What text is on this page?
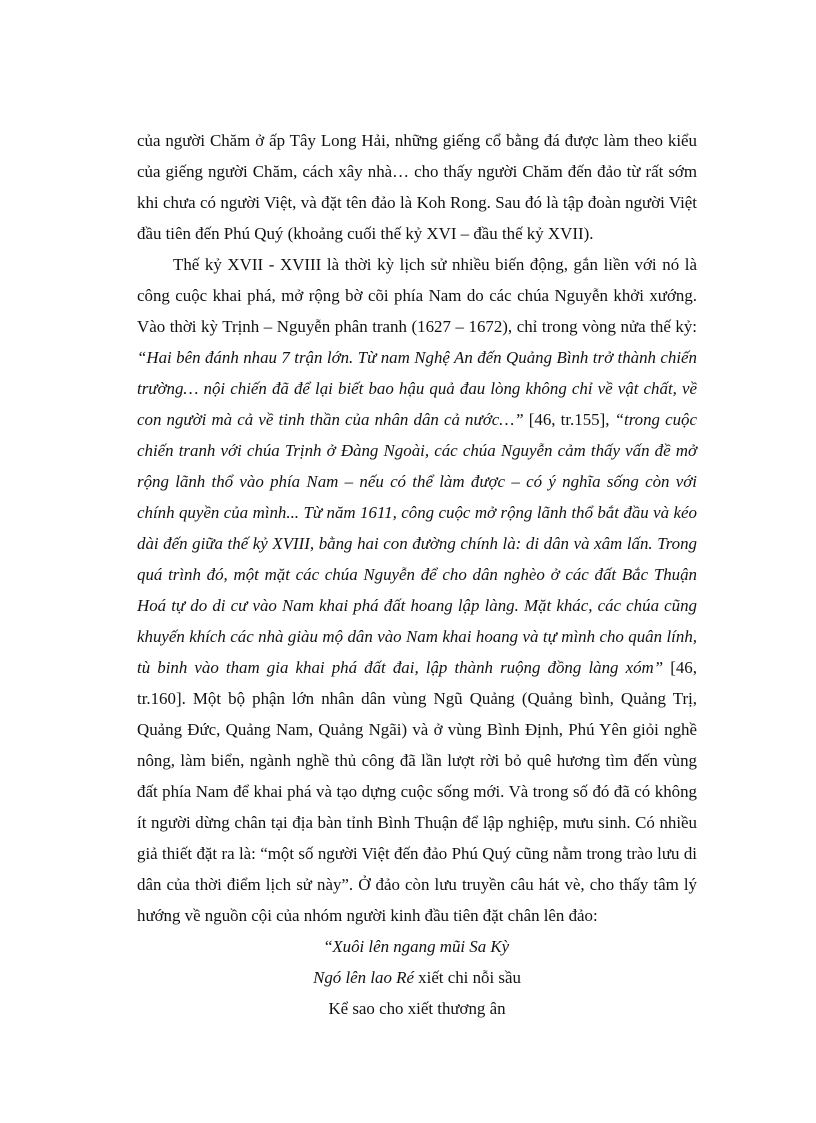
của người Chăm ở ấp Tây Long Hải, những giếng cổ bằng đá được làm theo kiểu của giếng người Chăm, cách xây nhà… cho thấy người Chăm đến đảo từ rất sớm khi chưa có người Việt, và đặt tên đảo là Koh Rong. Sau đó là tập đoàn người Việt đầu tiên đến Phú Quý (khoảng cuối thế kỷ XVI – đầu thế kỷ XVII).

Thế kỷ XVII - XVIII là thời kỳ lịch sử nhiều biến động, gắn liền với nó là công cuộc khai phá, mở rộng bờ cõi phía Nam do các chúa Nguyễn khởi xướng. Vào thời kỳ Trịnh – Nguyễn phân tranh (1627 – 1672), chỉ trong vòng nửa thế kỷ: “Hai bên đánh nhau 7 trận lớn. Từ nam Nghệ An đến Quảng Bình trở thành chiến trường… nội chiến đã để lại biết bao hậu quả đau lòng không chỉ về vật chất, về con người mà cả về tinh thần của nhân dân cả nước…” [46, tr.155], “trong cuộc chiến tranh với chúa Trịnh ở Đàng Ngoài, các chúa Nguyễn cảm thấy vấn đề mở rộng lãnh thổ vào phía Nam – nếu có thể làm được – có ý nghĩa sống còn với chính quyền của mình... Từ năm 1611, công cuộc mở rộng lãnh thổ bắt đầu và kéo dài đến giữa thế kỷ XVIII, bằng hai con đường chính là: di dân và xâm lấn. Trong quá trình đó, một mặt các chúa Nguyễn để cho dân nghèo ở các đất Bắc Thuận Hoá tự do di cư vào Nam khai phá đất hoang lập làng. Mặt khác, các chúa cũng khuyến khích các nhà giàu mộ dân vào Nam khai hoang và tự mình cho quân lính, tù binh vào tham gia khai phá đất đai, lập thành ruộng đồng làng xóm” [46, tr.160]. Một bộ phận lớn nhân dân vùng Ngũ Quảng (Quảng bình, Quảng Trị, Quảng Đức, Quảng Nam, Quảng Ngãi) và ở vùng Bình Định, Phú Yên giỏi nghề nông, làm biển, ngành nghề thủ công đã lần lượt rời bỏ quê hương tìm đến vùng đất phía Nam để khai phá và tạo dựng cuộc sống mới. Và trong số đó đã có không ít người dừng chân tại địa bàn tỉnh Bình Thuận để lập nghiệp, mưu sinh. Có nhiều giả thiết đặt ra là: “một số người Việt đến đảo Phú Quý cũng nằm trong trào lưu di dân của thời điểm lịch sử này”. Ở đảo còn lưu truyền câu hát vè, cho thấy tâm lý hướng về nguồn cội của nhóm người kinh đầu tiên đặt chân lên đảo:

“Xuôi lên ngang mũi Sa Kỳ
Ngó lên lao Ré xiết chi nỗi sầu
Kể sao cho xiết thương ân
